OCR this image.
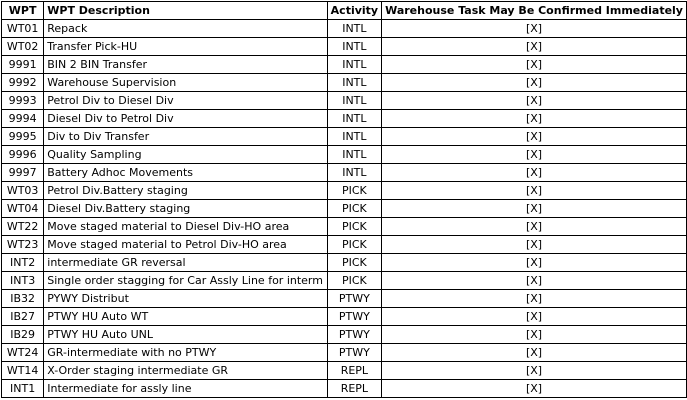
WPT	WPT Description	Activity	Warehouse Task May Be Confirmed Immediately
WT01	Repack	INTL	[X]
WT02	Transfer Pick-HU	INTL	[X]
9991	BIN 2 BIN Transfer	INTL	[X]
9992	Warehouse Supervision	INTL	[X]
9993	Petrol Div to Diesel Div	INTL	[X]
9994	Diesel Div to Petrol Div	INTL	[X]
9995	Div to Div Transfer	INTL	[X]
9996	Quality Sampling	INTL	[X]
9997	Battery Adhoc Movements	INTL	[X]
WT03	Petrol Div.Battery staging	PICK	[X]
WT04	Diesel Div.Battery staging	PICK	[X]
WT22	Move staged material to Diesel Div-HO area	PICK	[X]
WT23	Move staged material to Petrol Div-HO area	PICK	[X]
INT2	intermediate GR reversal	PICK	[X]
INT3	Single order stagging for Car Assly Line for interm	PICK	[X]
IB32	PYWY Distribut	PTWY	[X]
IB27	PTWY HU Auto WT	PTWY	[X]
IB29	PTWY HU Auto UNL	PTWY	[X]
WT24	GR-intermediate with no PTWY	PTWY	[X]
WT14	X-Order staging intermediate GR	REPL	[X]
INT1	Intermediate for assly line	REPL	[X]
